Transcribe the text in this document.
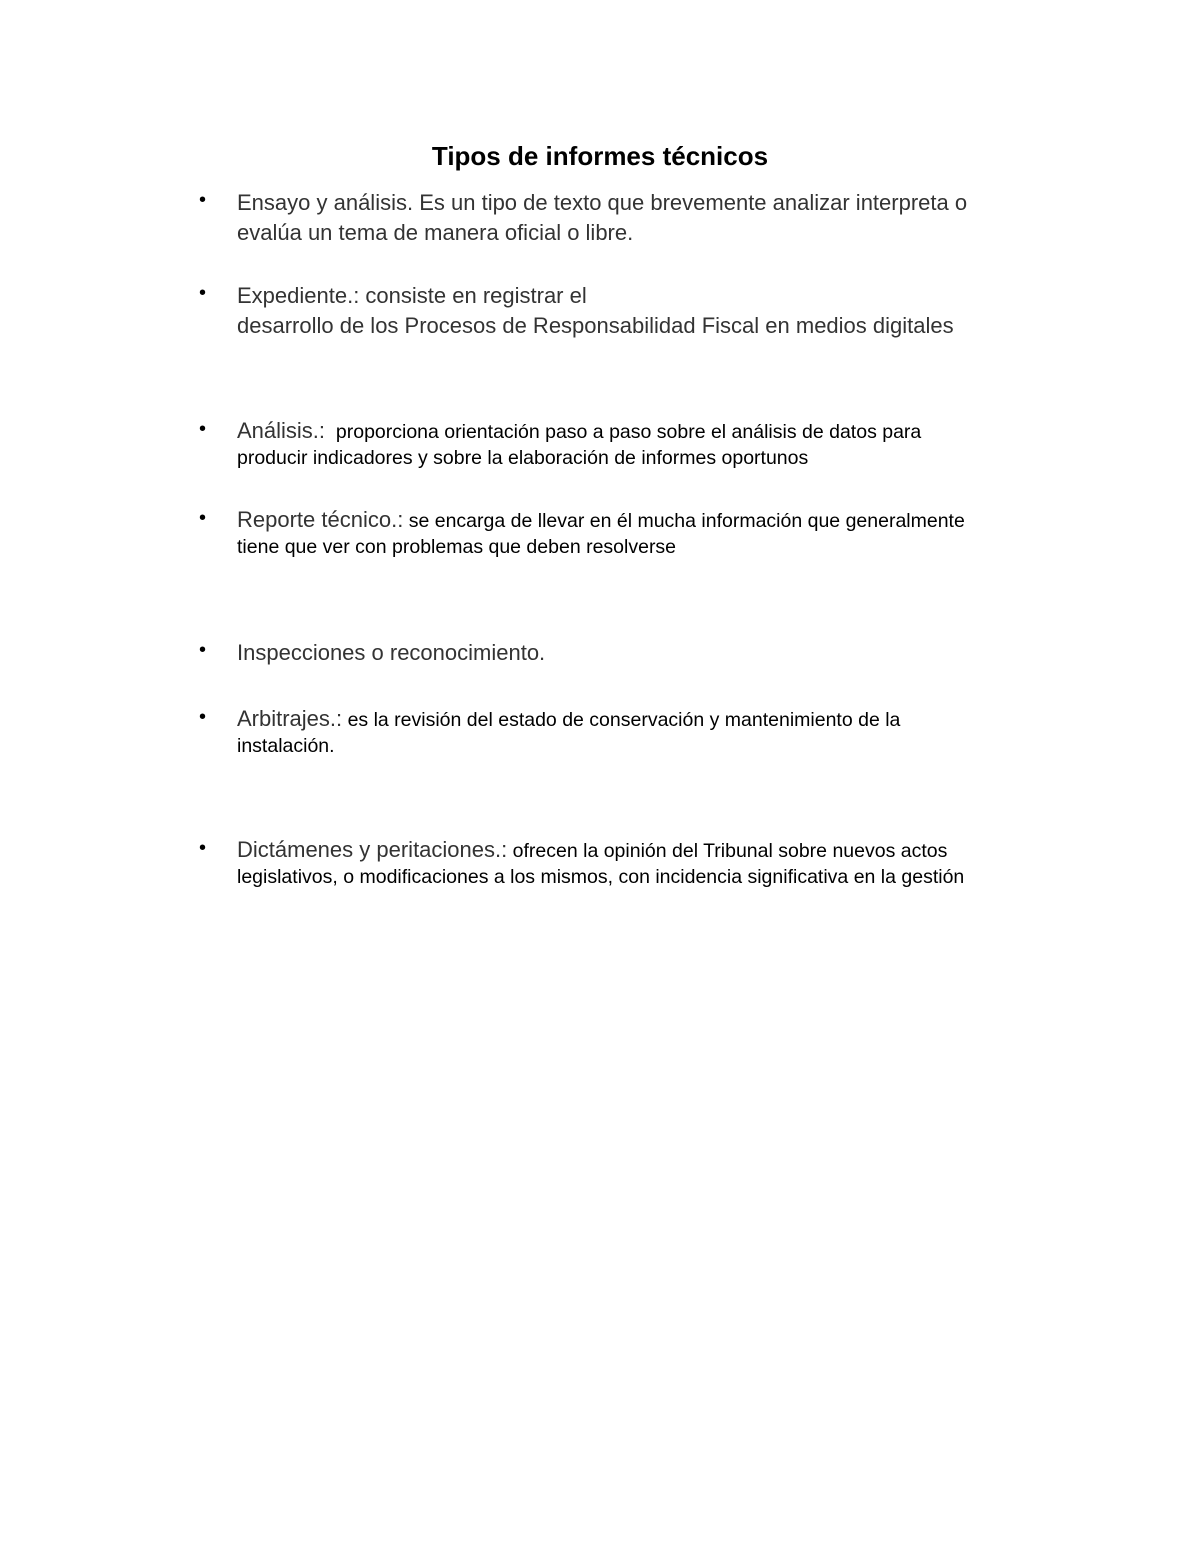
Tipos de informes técnicos
•	Ensayo y análisis. Es un tipo de texto que brevemente analizar interpreta o
evalúa un tema de manera oficial o libre.
•	Expediente.: consiste en registrar el
desarrollo de los Procesos de Responsabilidad Fiscal en medios digitales
•	Análisis.:  proporciona orientación paso a paso sobre el análisis de datos para
producir indicadores y sobre la elaboración de informes oportunos
•	Reporte técnico.: se encarga de llevar en él mucha información que generalmente
tiene que ver con problemas que deben resolverse
•	Inspecciones o reconocimiento.
•	Arbitrajes.: es la revisión del estado de conservación y mantenimiento de la
instalación.
•	Dictámenes y peritaciones.: ofrecen la opinión del Tribunal sobre nuevos actos
legislativos, o modificaciones a los mismos, con incidencia significativa en la gestión
